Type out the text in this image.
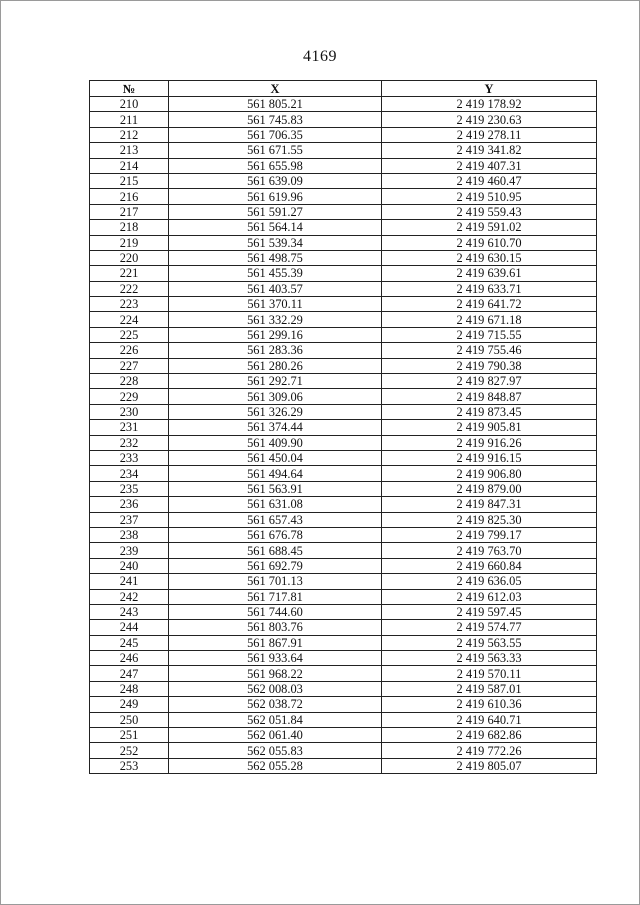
4169
№	X	Y
210	561 805.21	2 419 178.92
211	561 745.83	2 419 230.63
212	561 706.35	2 419 278.11
213	561 671.55	2 419 341.82
214	561 655.98	2 419 407.31
215	561 639.09	2 419 460.47
216	561 619.96	2 419 510.95
217	561 591.27	2 419 559.43
218	561 564.14	2 419 591.02
219	561 539.34	2 419 610.70
220	561 498.75	2 419 630.15
221	561 455.39	2 419 639.61
222	561 403.57	2 419 633.71
223	561 370.11	2 419 641.72
224	561 332.29	2 419 671.18
225	561 299.16	2 419 715.55
226	561 283.36	2 419 755.46
227	561 280.26	2 419 790.38
228	561 292.71	2 419 827.97
229	561 309.06	2 419 848.87
230	561 326.29	2 419 873.45
231	561 374.44	2 419 905.81
232	561 409.90	2 419 916.26
233	561 450.04	2 419 916.15
234	561 494.64	2 419 906.80
235	561 563.91	2 419 879.00
236	561 631.08	2 419 847.31
237	561 657.43	2 419 825.30
238	561 676.78	2 419 799.17
239	561 688.45	2 419 763.70
240	561 692.79	2 419 660.84
241	561 701.13	2 419 636.05
242	561 717.81	2 419 612.03
243	561 744.60	2 419 597.45
244	561 803.76	2 419 574.77
245	561 867.91	2 419 563.55
246	561 933.64	2 419 563.33
247	561 968.22	2 419 570.11
248	562 008.03	2 419 587.01
249	562 038.72	2 419 610.36
250	562 051.84	2 419 640.71
251	562 061.40	2 419 682.86
252	562 055.83	2 419 772.26
253	562 055.28	2 419 805.07
